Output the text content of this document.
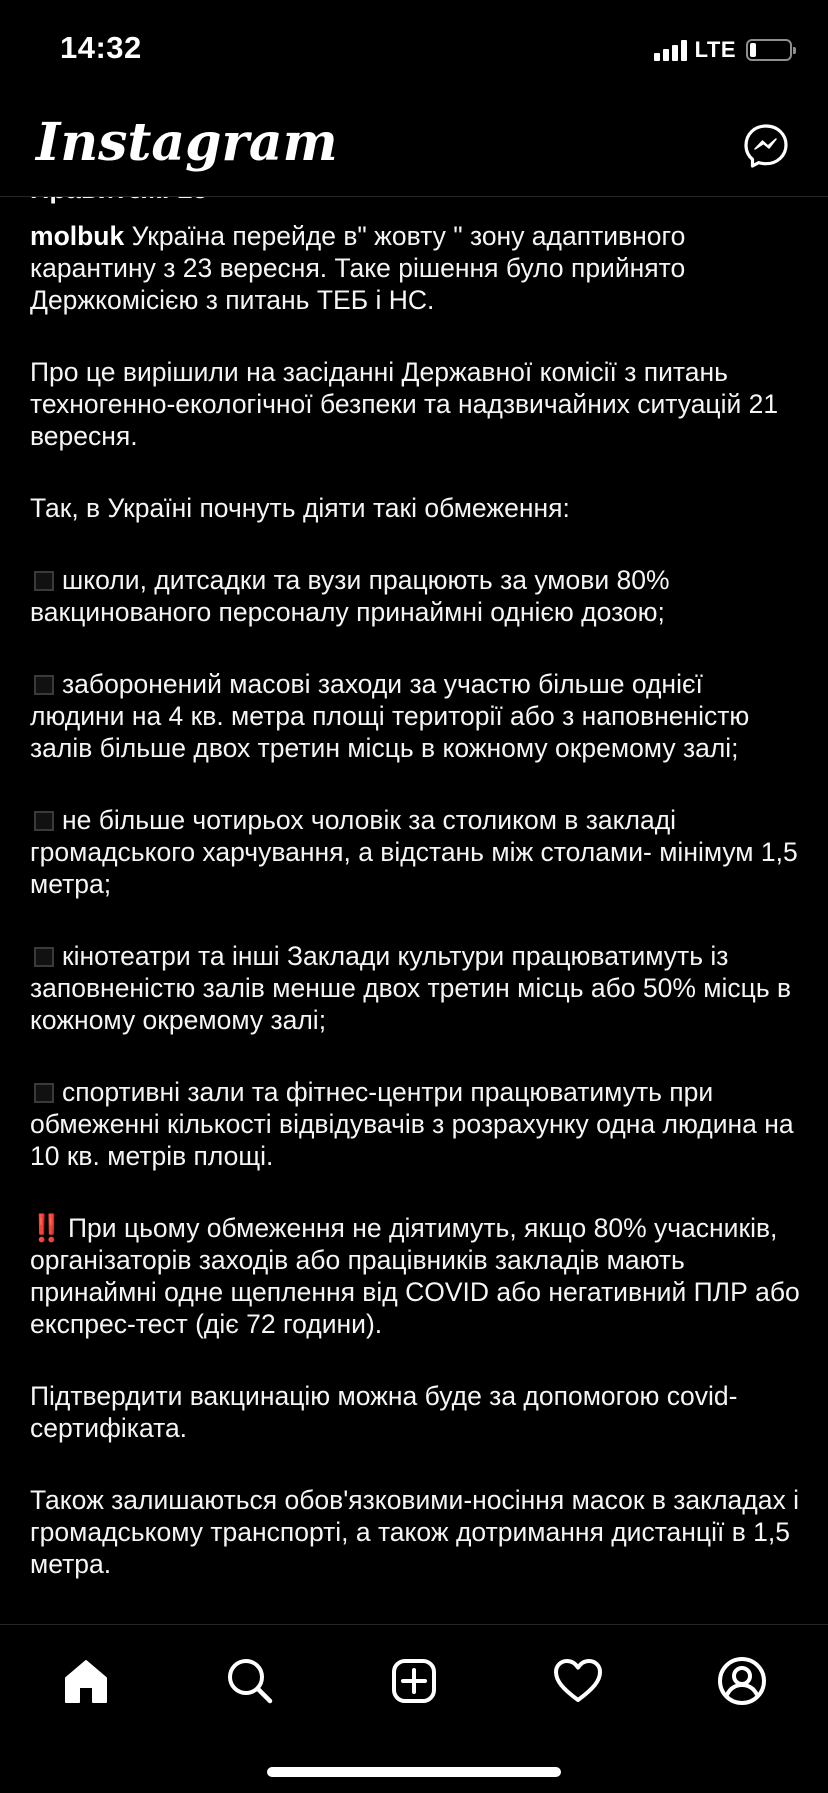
14:32	LTE
Instagram

molbuk Україна перейде в" жовту " зону адаптивного карантину з 23 вересня. Таке рішення було прийнято Держкомісією з питань ТЕБ і НС.

Про це вирішили на засіданні Державної комісії з питань техногенно-екологічної безпеки та надзвичайних ситуацій 21 вересня.

Так, в Україні почнуть діяти такі обмеження:

школи, дитсадки та вузи працюють за умови 80% вакцинованого персоналу принаймні однією дозою;

заборонений масові заходи за участю більше однієї людини на 4 кв. метра площі території або з наповненістю залів більше двох третин місць в кожному окремому залі;

не більше чотирьох чоловік за столиком в закладі громадського харчування, а відстань між столами- мінімум 1,5 метра;

кінотеатри та інші Заклади культури працюватимуть із заповненістю залів менше двох третин місць або 50% місць в кожному окремому залі;

спортивні зали та фітнес-центри працюватимуть при обмеженні кількості відвідувачів з розрахунку одна людина на 10 кв. метрів площі.

‼️ При цьому обмеження не діятимуть, якщо 80% учасників, організаторів заходів або працівників закладів мають принаймні одне щеплення від COVID або негативний ПЛР або експрес-тест (діє 72 години).

Підтвердити вакцинацію можна буде за допомогою covid-сертифіката.

Також залишаються обов'язковими-носіння масок в закладах і громадському транспорті, а також дотримання дистанції в 1,5 метра.
